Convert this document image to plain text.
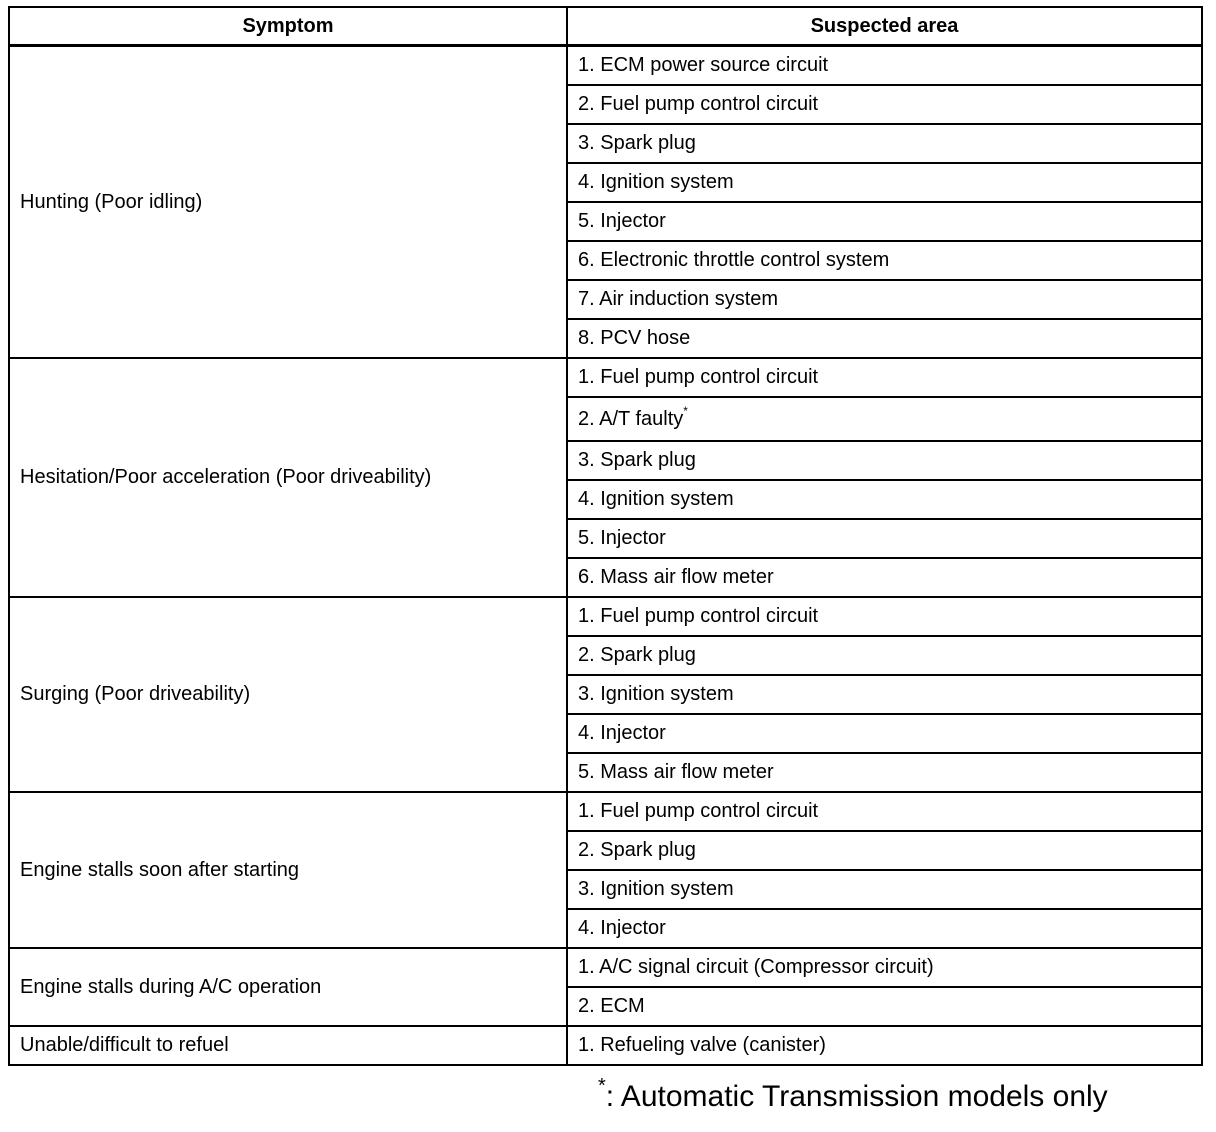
Symptom	Suspected area
Hunting (Poor idling)	1. ECM power source circuit
	2. Fuel pump control circuit
	3. Spark plug
	4. Ignition system
	5. Injector
	6. Electronic throttle control system
	7. Air induction system
	8. PCV hose
Hesitation/Poor acceleration (Poor driveability)	1. Fuel pump control circuit
	2. A/T faulty*
	3. Spark plug
	4. Ignition system
	5. Injector
	6. Mass air flow meter
Surging (Poor driveability)	1. Fuel pump control circuit
	2. Spark plug
	3. Ignition system
	4. Injector
	5. Mass air flow meter
Engine stalls soon after starting	1. Fuel pump control circuit
	2. Spark plug
	3. Ignition system
	4. Injector
Engine stalls during A/C operation	1. A/C signal circuit (Compressor circuit)
	2. ECM
Unable/difficult to refuel	1. Refueling valve (canister)
*: Automatic Transmission models only
